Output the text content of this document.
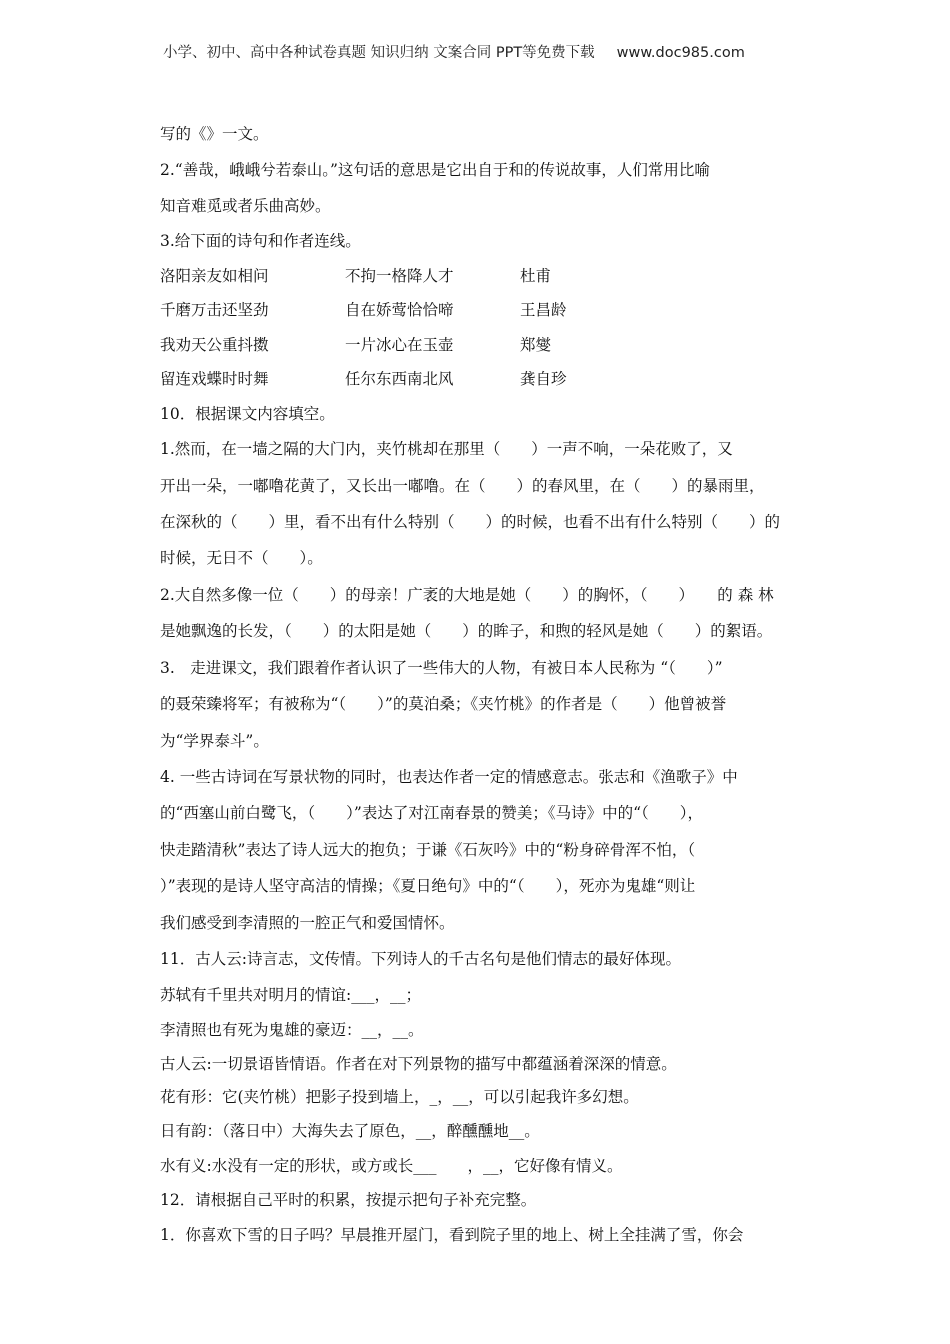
小学、初中、高中各种试卷真题 知识归纳 文案合同 PPT等免费下载 www.doc985.com
写的《》一文。
2.“善哉，峨峨兮若泰山。”这句话的意思是它出自于和的传说故事，人们常用比喻
知音难觅或者乐曲高妙。
3.给下面的诗句和作者连线。
洛阳亲友如相问	不拘一格降人才	杜甫
千磨万击还坚劲	自在娇莺恰恰啼	王昌龄
我劝天公重抖擞	一片冰心在玉壶	郑燮
留连戏蝶时时舞	任尔东西南北风	龚自珍
10．根据课文内容填空。
1.然而，在一墙之隔的大门内，夹竹桃却在那里（　　）一声不响，一朵花败了，又
开出一朵，一嘟噜花黄了，又长出一嘟噜。在（　　）的春风里，在（　　）的暴雨里，
在深秋的（　　）里，看不出有什么特别（　　）的时候，也看不出有什么特别（　　）的
时候，无日不（　　）。
2.大自然多像一位（　　）的母亲！广袤的大地是她（　　）的胸怀，（　　）　　的 森 林
是她飘逸的长发，（　　）的太阳是她（　　）的眸子，和煦的轻风是她（　　）的絮语。
3.　走进课文，我们跟着作者认识了一些伟大的人物，有被日本人民称为 “（　　）”
的聂荣臻将军；有被称为“（　　）”的莫泊桑；《夹竹桃》的作者是（　　）他曾被誉
为“学界泰斗”。
4. 一些古诗词在写景状物的同时，也表达作者一定的情感意志。张志和《渔歌子》中
的“西塞山前白鹭飞，（　　）”表达了对江南春景的赞美；《马诗》中的“（　　），
快走踏清秋”表达了诗人远大的抱负；于谦《石灰吟》中的“粉身碎骨浑不怕，（
）”表现的是诗人坚守高洁的情操；《夏日绝句》中的“（　　），死亦为鬼雄“则让
我们感受到李清照的一腔正气和爱国情怀。
11．古人云:诗言志，文传情。下列诗人的千古名句是他们情志的最好体现。
苏轼有千里共对明月的情谊:___，__；
李清照也有死为鬼雄的豪迈：__，__。
古人云:一切景语皆情语。作者在对下列景物的描写中都蕴涵着深深的情意。
花有形：它(夹竹桃）把影子投到墙上，_，__，可以引起我许多幻想。
日有韵：（落日中）大海失去了原色，__，醉醺醺地__。
水有义:水没有一定的形状，或方或长___　　，__，它好像有情义。
12．请根据自己平时的积累，按提示把句子补充完整。
1．你喜欢下雪的日子吗？早晨推开屋门，看到院子里的地上、树上全挂满了雪，你会
